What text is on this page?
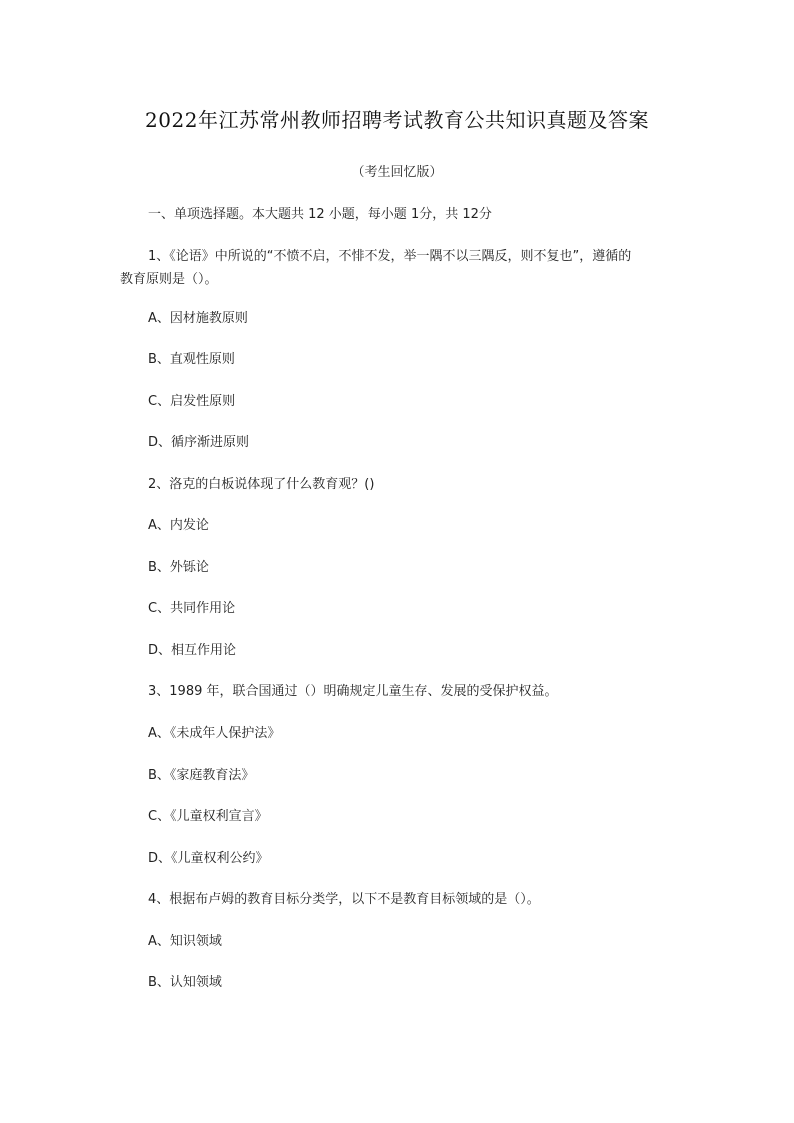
2022年江苏常州教师招聘考试教育公共知识真题及答案
（考生回忆版）
一、单项选择题。本大题共 12 小题，每小题 1分，共 12分
1、《论语》中所说的“不愤不启，不悱不发，举一隅不以三隅反，则不复也”，遵循的
教育原则是（）。
A、因材施教原则
B、直观性原则
C、启发性原则
D、循序渐进原则
2、洛克的白板说体现了什么教育观？()
A、内发论
B、外铄论
C、共同作用论
D、相互作用论
3、1989 年，联合国通过（）明确规定儿童生存、发展的受保护权益。
A、《未成年人保护法》
B、《家庭教育法》
C、《儿童权利宣言》
D、《儿童权利公约》
4、根据布卢姆的教育目标分类学，以下不是教育目标领域的是（）。
A、知识领域
B、认知领域
